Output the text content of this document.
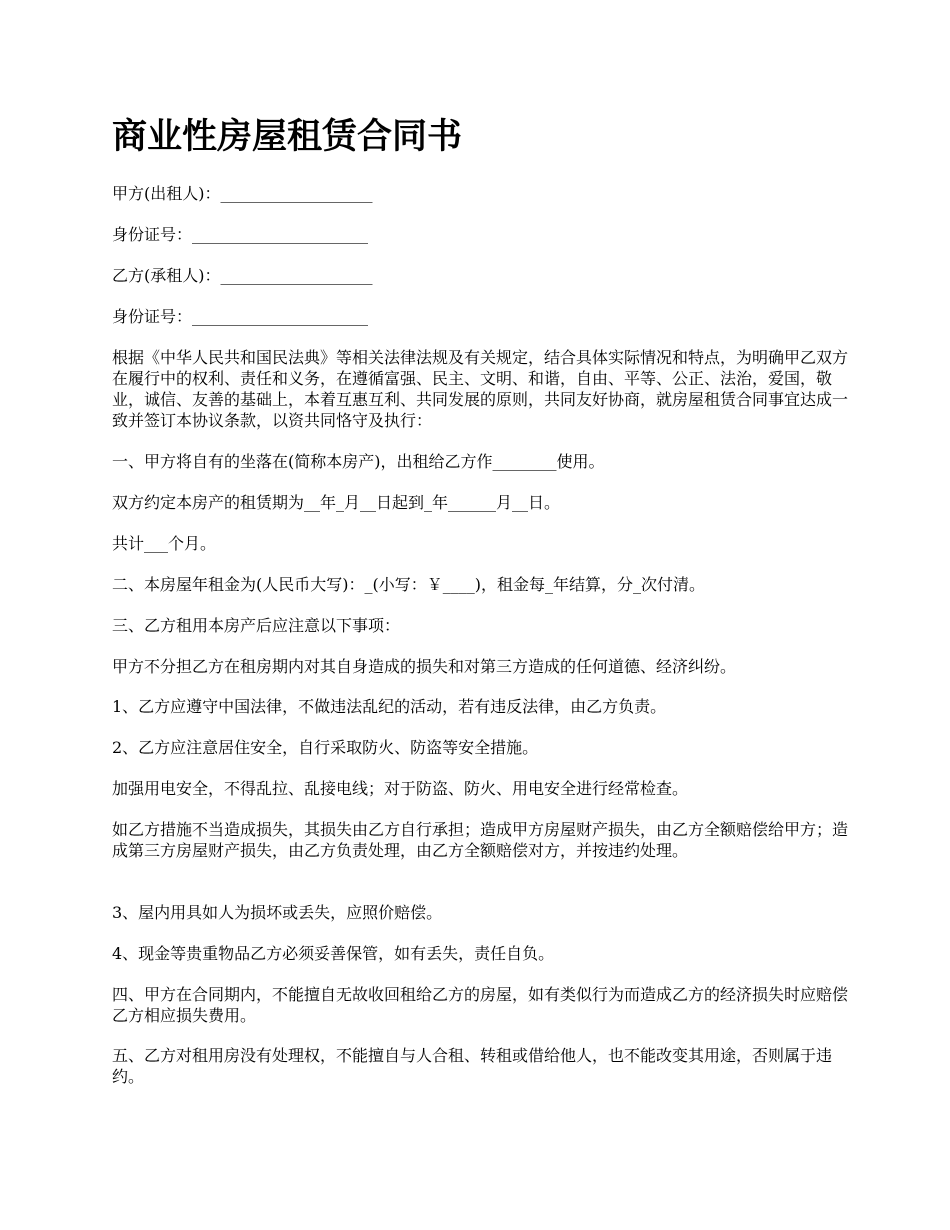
商业性房屋租赁合同书

甲方(出租人)：___________________

身份证号：______________________

乙方(承租人)：___________________

身份证号：______________________

根据《中华人民共和国民法典》等相关法律法规及有关规定，结合具体实际情况和特点，为明确甲乙双方在履行中的权利、责任和义务，在遵循富强、民主、文明、和谐，自由、平等、公正、法治，爱国，敬业，诚信、友善的基础上，本着互惠互利、共同发展的原则，共同友好协商，就房屋租赁合同事宜达成一致并签订本协议条款，以资共同恪守及执行：

一、甲方将自有的坐落在(简称本房产)，出租给乙方作________使用。

双方约定本房产的租赁期为__年_月__日起到_年______月__日。

共计___个月。

二、本房屋年租金为(人民币大写)：_(小写：￥____)，租金每_年结算，分_次付清。

三、乙方租用本房产后应注意以下事项：

甲方不分担乙方在租房期内对其自身造成的损失和对第三方造成的任何道德、经济纠纷。

1、乙方应遵守中国法律，不做违法乱纪的活动，若有违反法律，由乙方负责。

2、乙方应注意居住安全，自行采取防火、防盗等安全措施。

加强用电安全，不得乱拉、乱接电线；对于防盗、防火、用电安全进行经常检查。

如乙方措施不当造成损失，其损失由乙方自行承担；造成甲方房屋财产损失，由乙方全额赔偿给甲方；造成第三方房屋财产损失，由乙方负责处理，由乙方全额赔偿对方，并按违约处理。

3、屋内用具如人为损坏或丢失，应照价赔偿。

4、现金等贵重物品乙方必须妥善保管，如有丢失，责任自负。

四、甲方在合同期内，不能擅自无故收回租给乙方的房屋，如有类似行为而造成乙方的经济损失时应赔偿乙方相应损失费用。

五、乙方对租用房没有处理权，不能擅自与人合租、转租或借给他人，也不能改变其用途，否则属于违约。
